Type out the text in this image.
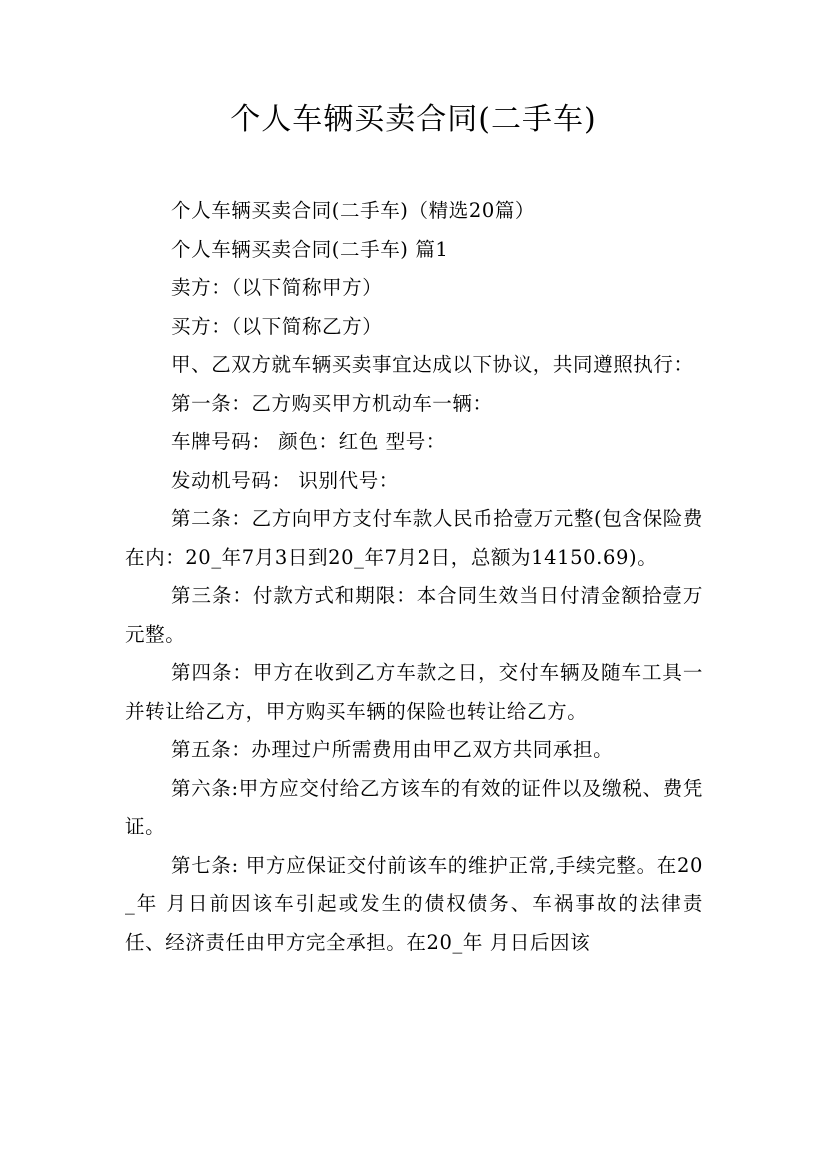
个人车辆买卖合同(二手车)

个人车辆买卖合同(二手车)（精选20篇）

个人车辆买卖合同(二手车) 篇1

卖方：（以下简称甲方）

买方：（以下简称乙方）

甲、乙双方就车辆买卖事宜达成以下协议，共同遵照执行：

第一条：乙方购买甲方机动车一辆：

车牌号码： 颜色：红色 型号：

发动机号码： 识别代号：

第二条：乙方向甲方支付车款人民币拾壹万元整(包含保险费在内：20_年7月3日到20_年7月2日，总额为14150.69)。

第三条：付款方式和期限：本合同生效当日付清金额拾壹万元整。

第四条：甲方在收到乙方车款之日，交付车辆及随车工具一并转让给乙方，甲方购买车辆的保险也转让给乙方。

第五条：办理过户所需费用由甲乙双方共同承担。

第六条:甲方应交付给乙方该车的有效的证件以及缴税、费凭证。

第七条: 甲方应保证交付前该车的维护正常,手续完整。在20_年 月日前因该车引起或发生的债权债务、车祸事故的法律责任、经济责任由甲方完全承担。在20_年 月日后因该
